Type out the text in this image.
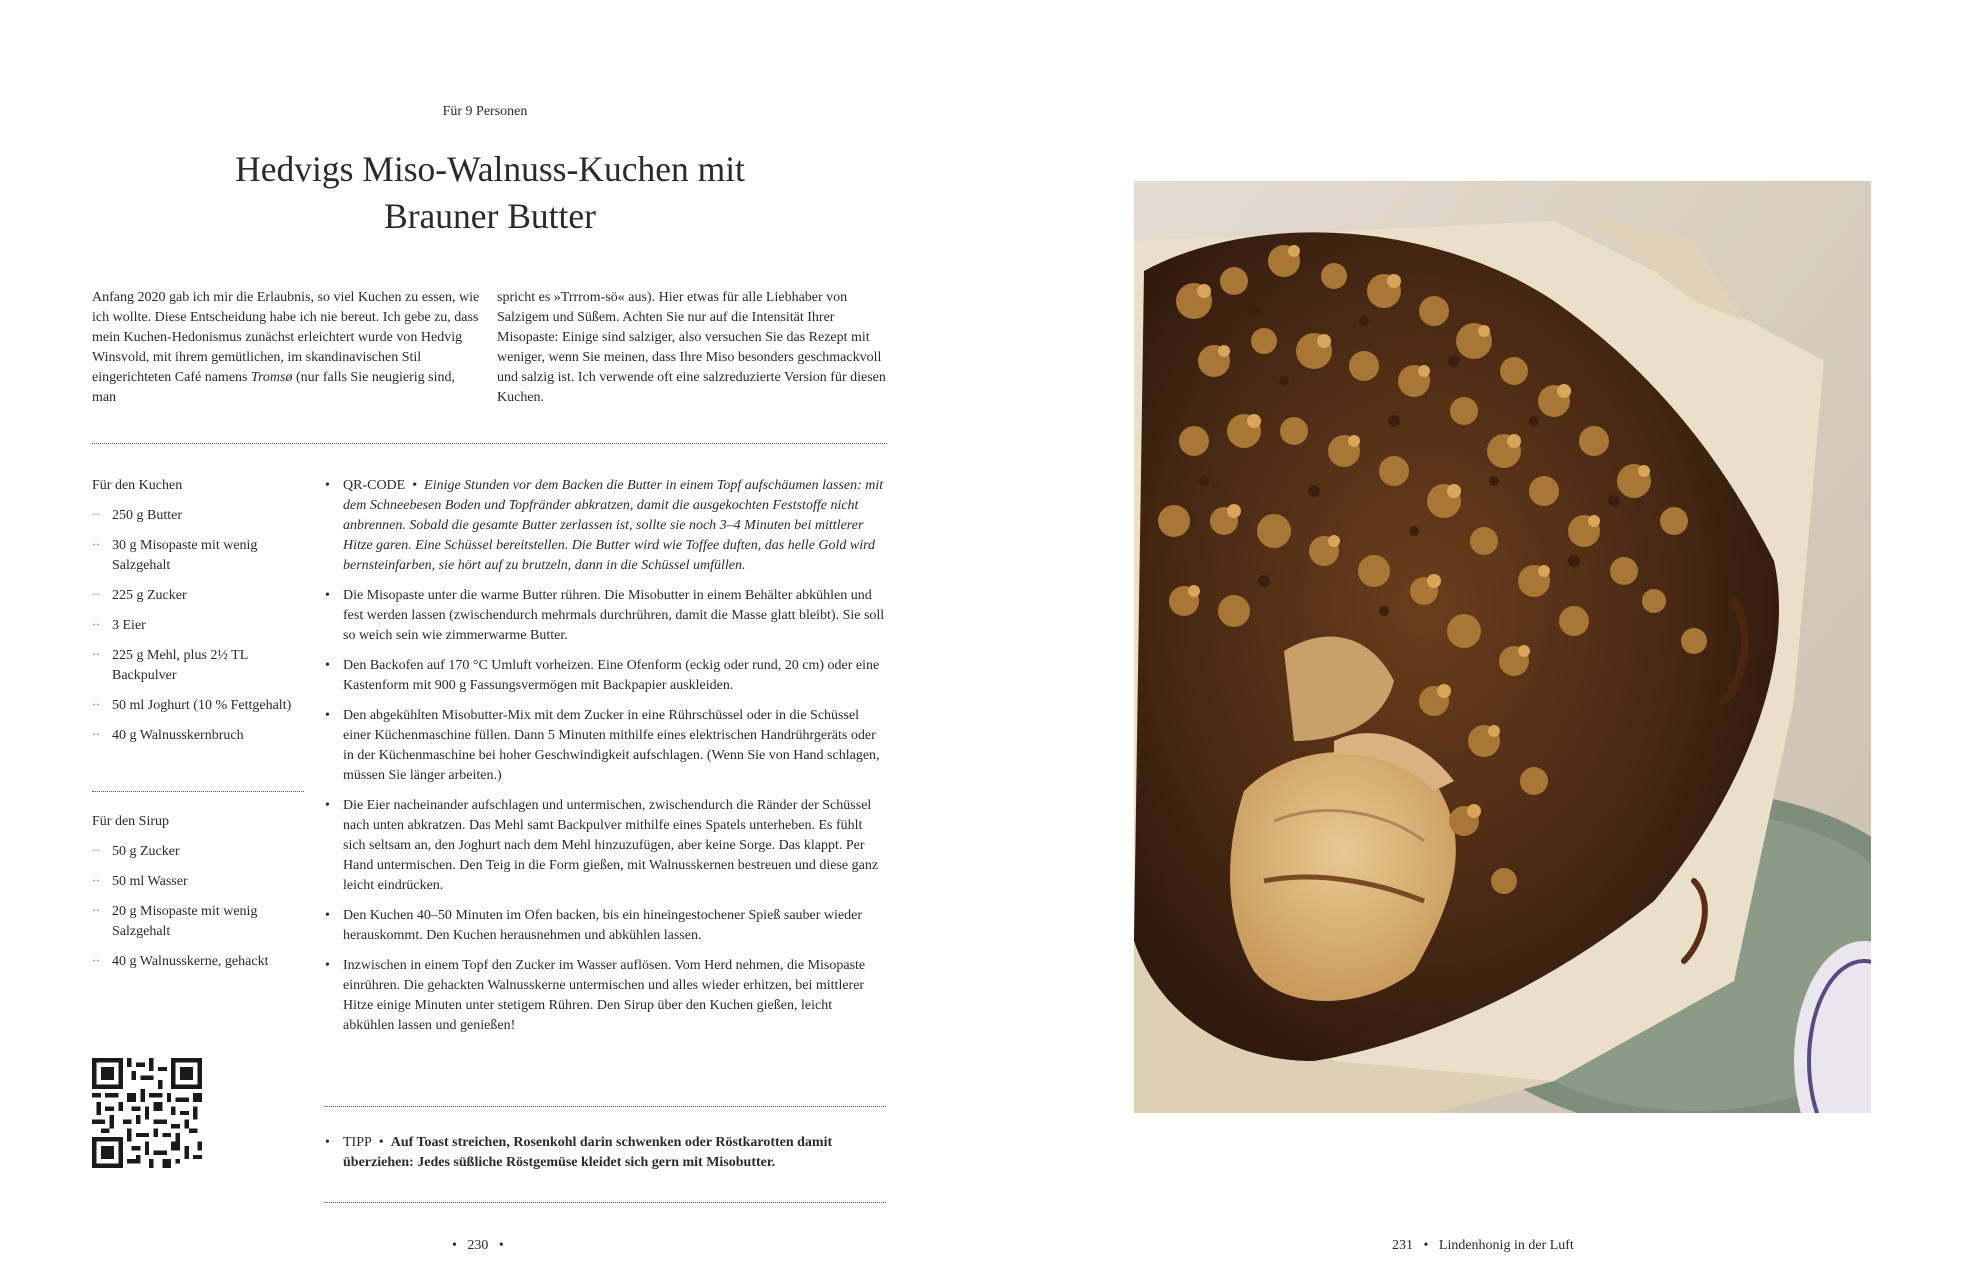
Für 9 Personen
Hedvigs Miso-Walnuss-Kuchen mit
Brauner Butter
Anfang 2020 gab ich mir die Erlaubnis, so viel Kuchen zu essen, wie ich wollte. Diese Entscheidung habe ich nie bereut. Ich gebe zu, dass mein Kuchen-Hedonismus zunächst erleichtert wurde von Hedvig Winsvold, mit ihrem gemütlichen, im skandinavischen Stil eingerichteten Café namens Tromsø (nur falls Sie neugierig sind, man
spricht es »Trrrom-sö« aus). Hier etwas für alle Liebhaber von Salzigem und Süßem. Achten Sie nur auf die Intensität Ihrer Misopaste: Einige sind salziger, also versuchen Sie das Rezept mit weniger, wenn Sie meinen, dass Ihre Miso besonders geschmackvoll und salzig ist. Ich verwende oft eine salzreduzierte Version für diesen Kuchen.
Für den Kuchen
·· 250 g Butter
·· 30 g Misopaste mit wenig Salzgehalt
·· 225 g Zucker
·· 3 Eier
·· 225 g Mehl, plus 2½ TL Backpulver
·· 50 ml Joghurt (10 % Fettgehalt)
·· 40 g Walnusskernbruch
Für den Sirup
·· 50 g Zucker
·· 50 ml Wasser
·· 20 g Misopaste mit wenig Salzgehalt
·· 40 g Walnusskerne, gehackt
• QR-CODE • Einige Stunden vor dem Backen die Butter in einem Topf aufschäumen lassen: mit dem Schneebesen Boden und Topfränder abkratzen, damit die ausgekochten Feststoffe nicht anbrennen. Sobald die gesamte Butter zerlassen ist, sollte sie noch 3–4 Minuten bei mittlerer Hitze garen. Eine Schüssel bereitstellen. Die Butter wird wie Toffee duften, das helle Gold wird bernsteinfarben, sie hört auf zu brutzeln, dann in die Schüssel umfüllen.
• Die Misopaste unter die warme Butter rühren. Die Misobutter in einem Behälter abkühlen und fest werden lassen (zwischendurch mehrmals durchrühren, damit die Masse glatt bleibt). Sie soll so weich sein wie zimmerwarme Butter.
• Den Backofen auf 170 °C Umluft vorheizen. Eine Ofenform (eckig oder rund, 20 cm) oder eine Kastenform mit 900 g Fassungsvermögen mit Backpapier auskleiden.
• Den abgekühlten Misobutter-Mix mit dem Zucker in eine Rührschüssel oder in die Schüssel einer Küchenmaschine füllen. Dann 5 Minuten mithilfe eines elektrischen Handrührgeräts oder in der Küchenmaschine bei hoher Geschwindigkeit aufschlagen. (Wenn Sie von Hand schlagen, müssen Sie länger arbeiten.)
• Die Eier nacheinander aufschlagen und untermischen, zwischendurch die Ränder der Schüssel nach unten abkratzen. Das Mehl samt Backpulver mithilfe eines Spatels unterheben. Es fühlt sich seltsam an, den Joghurt nach dem Mehl hinzuzufügen, aber keine Sorge. Das klappt. Per Hand untermischen. Den Teig in die Form gießen, mit Walnusskernen bestreuen und diese ganz leicht eindrücken.
• Den Kuchen 40–50 Minuten im Ofen backen, bis ein hineingestochener Spieß sauber wieder herauskommt. Den Kuchen herausnehmen und abkühlen lassen.
• Inzwischen in einem Topf den Zucker im Wasser auflösen. Vom Herd nehmen, die Misopaste einrühren. Die gehackten Walnusskerne untermischen und alles wieder erhitzen, bei mittlerer Hitze einige Minuten unter stetigem Rühren. Den Sirup über den Kuchen gießen, leicht abkühlen lassen und genießen!
• TIPP • Auf Toast streichen, Rosenkohl darin schwenken oder Röstkarotten damit überziehen: Jedes süßliche Röstgemüse kleidet sich gern mit Misobutter.
• 230 •	231 • Lindenhonig in der Luft
